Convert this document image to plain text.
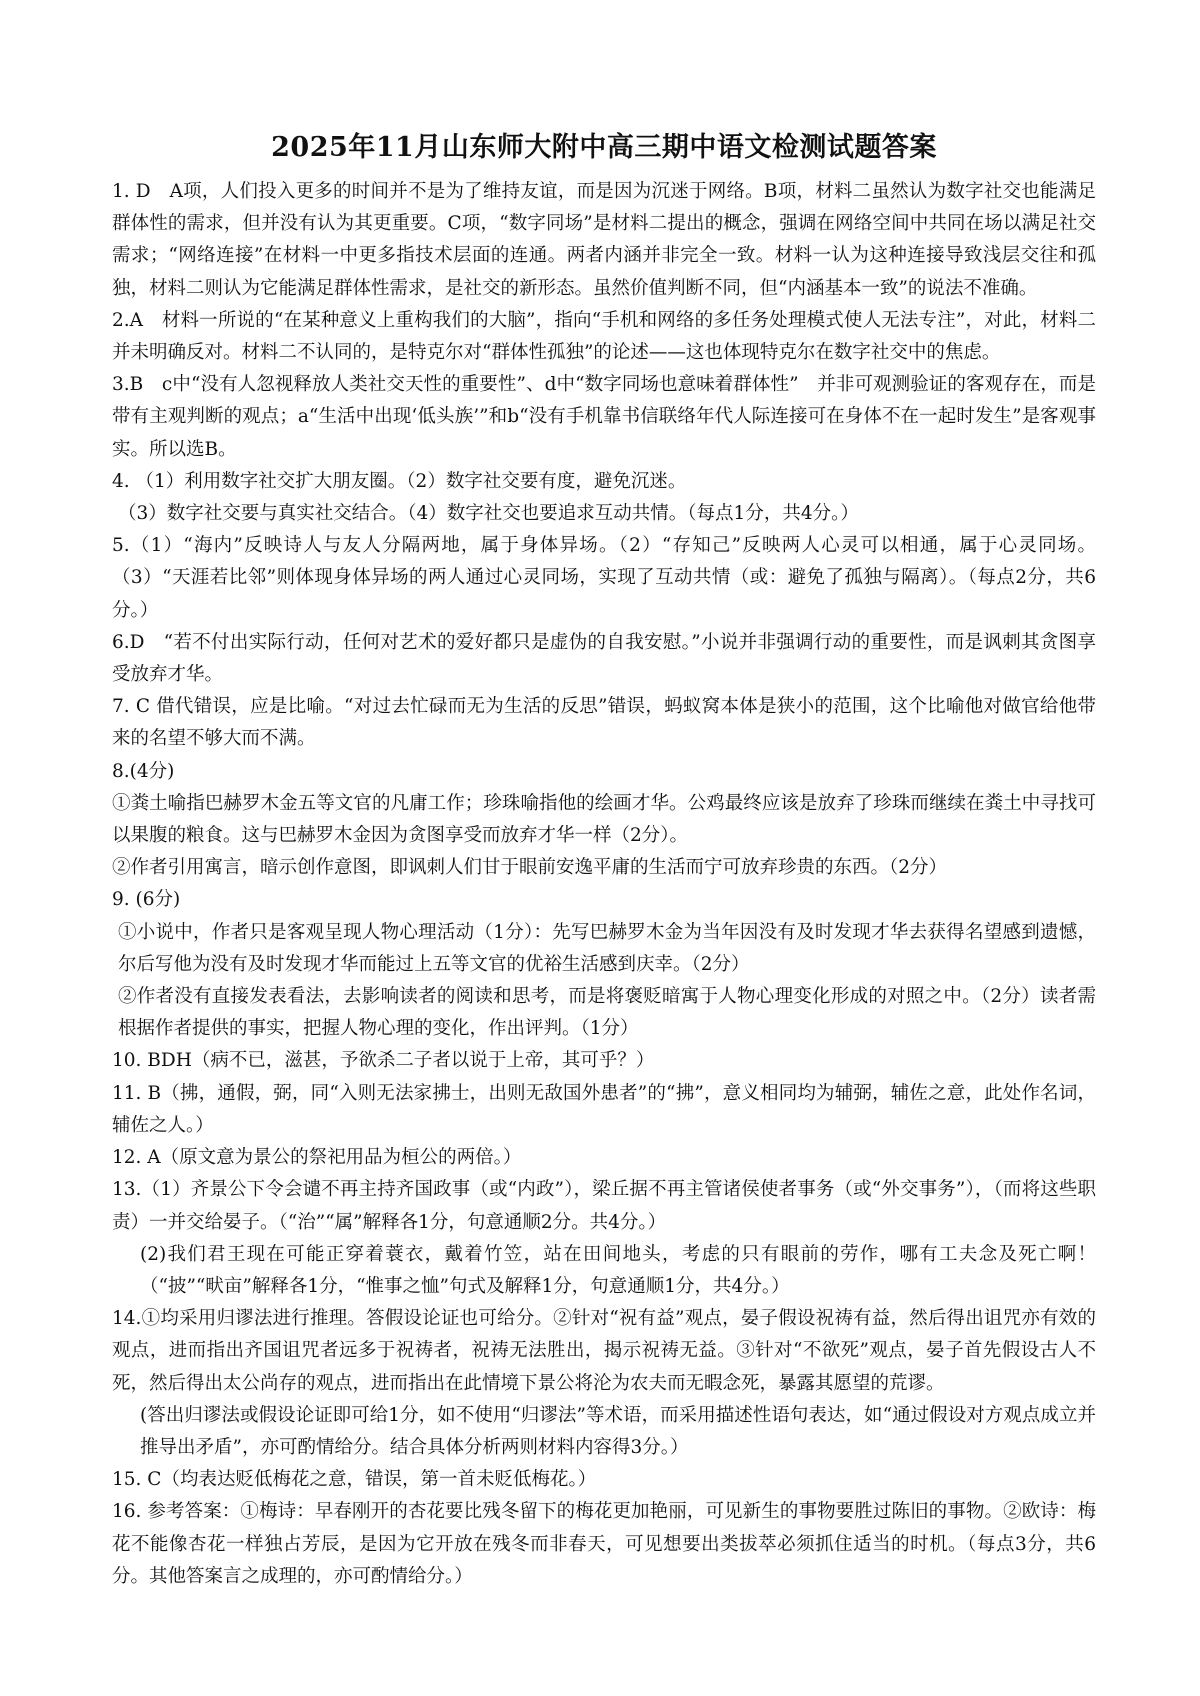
2025年11月山东师大附中高三期中语文检测试题答案

1. D　A项，人们投入更多的时间并不是为了维持友谊，而是因为沉迷于网络。B项，材料二虽然认为数字社交也能满足群体性的需求，但并没有认为其更重要。C项，“数字同场”是材料二提出的概念，强调在网络空间中共同在场以满足社交需求；“网络连接”在材料一中更多指技术层面的连通。两者内涵并非完全一致。材料一认为这种连接导致浅层交往和孤独，材料二则认为它能满足群体性需求，是社交的新形态。虽然价值判断不同，但“内涵基本一致”的说法不准确。

2.A　材料一所说的“在某种意义上重构我们的大脑”，指向“手机和网络的多任务处理模式使人无法专注”，对此，材料二并未明确反对。材料二不认同的，是特克尔对“群体性孤独”的论述——这也体现特克尔在数字社交中的焦虑。

3.B　c中“没有人忽视释放人类社交天性的重要性”、d中“数字同场也意味着群体性”　并非可观测验证的客观存在，而是带有主观判断的观点；a“生活中出现‘低头族’”和b“没有手机靠书信联络年代人际连接可在身体不在一起时发生”是客观事实。所以选B。

4. （1）利用数字社交扩大朋友圈。（2）数字社交要有度，避免沉迷。

（3）数字社交要与真实社交结合。（4）数字社交也要追求互动共情。（每点1分，共4分。）

5.（1）“海内”反映诗人与友人分隔两地，属于身体异场。（2）“存知己”反映两人心灵可以相通，属于心灵同场。（3）“天涯若比邻”则体现身体异场的两人通过心灵同场，实现了互动共情（或：避免了孤独与隔离）。（每点2分，共6分。）

6.D　“若不付出实际行动，任何对艺术的爱好都只是虚伪的自我安慰。”小说并非强调行动的重要性，而是讽刺其贪图享受放弃才华。

7. C 借代错误，应是比喻。“对过去忙碌而无为生活的反思”错误，蚂蚁窝本体是狭小的范围，这个比喻他对做官给他带来的名望不够大而不满。

8.(4分)

①粪土喻指巴赫罗木金五等文官的凡庸工作；珍珠喻指他的绘画才华。公鸡最终应该是放弃了珍珠而继续在粪土中寻找可以果腹的粮食。这与巴赫罗木金因为贪图享受而放弃才华一样（2分）。

②作者引用寓言，暗示创作意图，即讽刺人们甘于眼前安逸平庸的生活而宁可放弃珍贵的东西。（2分）

9. (6分)

①小说中，作者只是客观呈现人物心理活动（1分）：先写巴赫罗木金为当年因没有及时发现才华去获得名望感到遗憾，尔后写他为没有及时发现才华而能过上五等文官的优裕生活感到庆幸。（2分）

②作者没有直接发表看法，去影响读者的阅读和思考，而是将褒贬暗寓于人物心理变化形成的对照之中。（2分）读者需根据作者提供的事实，把握人物心理的变化，作出评判。（1分）

10. BDH（病不已，滋甚，予欲杀二子者以说于上帝，其可乎？）

11. B（拂，通假，弼，同“入则无法家拂士，出则无敌国外患者”的“拂”，意义相同均为辅弼，辅佐之意，此处作名词，辅佐之人。）

12. A（原文意为景公的祭祀用品为桓公的两倍。）

13.（1）齐景公下令会谴不再主持齐国政事（或“内政”），梁丘据不再主管诸侯使者事务（或“外交事务”），（而将这些职责）一并交给晏子。（“治”“属”解释各1分，句意通顺2分。共4分。）

(2)我们君王现在可能正穿着蓑衣，戴着竹笠，站在田间地头，考虑的只有眼前的劳作，哪有工夫念及死亡啊！（“披”“畎亩”解释各1分，“惟事之恤”句式及解释1分，句意通顺1分，共4分。）

14.①均采用归谬法进行推理。答假设论证也可给分。②针对“祝有益”观点，晏子假设祝祷有益，然后得出诅咒亦有效的观点，进而指出齐国诅咒者远多于祝祷者，祝祷无法胜出，揭示祝祷无益。③针对“不欲死”观点，晏子首先假设古人不死，然后得出太公尚存的观点，进而指出在此情境下景公将沦为农夫而无暇念死，暴露其愿望的荒谬。

(答出归谬法或假设论证即可给1分，如不使用“归谬法”等术语，而采用描述性语句表达，如“通过假设对方观点成立并推导出矛盾”，亦可酌情给分。结合具体分析两则材料内容得3分。）

15. C（均表达贬低梅花之意，错误，第一首未贬低梅花。）

16. 参考答案：①梅诗：早春刚开的杏花要比残冬留下的梅花更加艳丽，可见新生的事物要胜过陈旧的事物。②欧诗：梅花不能像杏花一样独占芳辰，是因为它开放在残冬而非春天，可见想要出类拔萃必须抓住适当的时机。（每点3分，共6分。其他答案言之成理的，亦可酌情给分。）
